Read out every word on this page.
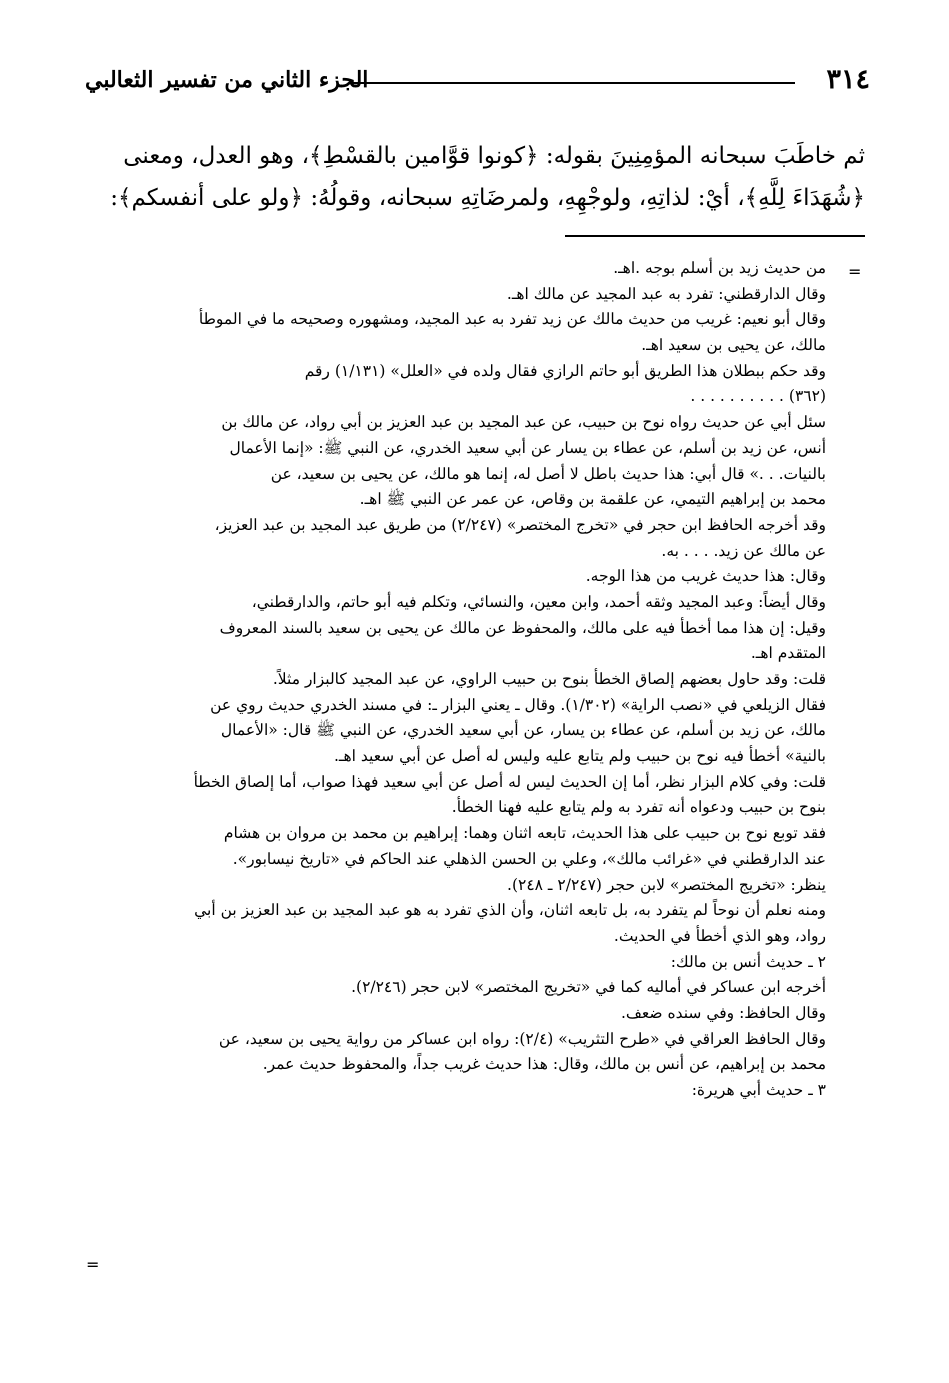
٣١٤
الجزء الثاني من تفسير الثعالبي
ثم خاطَبَ سبحانه المؤمِنِينَ بقوله: ﴿كونوا قوَّامين بالقسْطِ﴾، وهو العدل، ومعنى
﴿شُهَدَاءَ لِلَّهِ﴾، أيْ: لذاتِهِ، ولوجْهِهِ، ولمرضَاتِهِ سبحانه، وقولُهُ: ﴿ولو على أنفسكم﴾:
=
من حديث زيد بن أسلم بوجه .اهـ.
وقال الدارقطني: تفرد به عبد المجيد عن مالك اهـ.
وقال أبو نعيم: غريب من حديث مالك عن زيد تفرد به عبد المجيد، ومشهوره وصحيحه ما في الموطأ
مالك، عن يحيى بن سعيد اهـ.
وقد حكم ببطلان هذا الطريق أبو حاتم الرازي فقال ولده في «العلل» (١/١٣١) رقم
(٣٦٢) . . . . . . . . . .
سئل أبي عن حديث رواه نوح بن حبيب، عن عبد المجيد بن عبد العزيز بن أبي رواد، عن مالك بن
أنس، عن زيد بن أسلم، عن عطاء بن يسار عن أبي سعيد الخدري، عن النبي ﷺ: «إنما الأعمال
بالنيات. . .» قال أبي: هذا حديث باطل لا أصل له، إنما هو مالك، عن يحيى بن سعيد، عن
محمد بن إبراهيم التيمي، عن علقمة بن وقاص، عن عمر عن النبي ﷺ اهـ.
وقد أخرجه الحافظ ابن حجر في «تخرج المختصر» (٢/٢٤٧) من طريق عبد المجيد بن عبد العزيز،
عن مالك عن زيد. . . . به.
وقال: هذا حديث غريب من هذا الوجه.
وقال أيضاً: وعبد المجيد وثقه أحمد، وابن معين، والنسائي، وتكلم فيه أبو حاتم، والدارقطني،
وقيل: إن هذا مما أخطأ فيه على مالك، والمحفوظ عن مالك عن يحيى بن سعيد بالسند المعروف
المتقدم اهـ.
قلت: وقد حاول بعضهم إلصاق الخطأ بنوح بن حبيب الراوي، عن عبد المجيد كالبزار مثلاً.
فقال الزيلعي في «نصب الراية» (١/٣٠٢). وقال ـ يعني البزار ـ: في مسند الخدري حديث روي عن
مالك، عن زيد بن أسلم، عن عطاء بن يسار، عن أبي سعيد الخدري، عن النبي ﷺ قال: «الأعمال
بالنية» أخطأ فيه نوح بن حبيب ولم يتابع عليه وليس له أصل عن أبي سعيد اهـ.
قلت: وفي كلام البزار نظر، أما إن الحديث ليس له أصل عن أبي سعيد فهذا صواب، أما إلصاق الخطأ
بنوح بن حبيب ودعواه أنه تفرد به ولم يتابع عليه فهنا الخطأ.
فقد توبع نوح بن حبيب على هذا الحديث، تابعه اثنان وهما: إبراهيم بن محمد بن مروان بن هشام
عند الدارقطني في «غرائب مالك»، وعلي بن الحسن الذهلي عند الحاكم في «تاريخ نيسابور».
ينظر: «تخريج المختصر» لابن حجر (٢/٢٤٧ ـ ٢٤٨).
ومنه نعلم أن نوحاً لم يتفرد به، بل تابعه اثنان، وأن الذي تفرد به هو عبد المجيد بن عبد العزيز بن أبي
رواد، وهو الذي أخطأ في الحديث.
٢ ـ حديث أنس بن مالك:
أخرجه ابن عساكر في أماليه كما في «تخريج المختصر» لابن حجر (٢/٢٤٦).
وقال الحافظ: وفي سنده ضعف.
وقال الحافظ العراقي في «طرح التثريب» (٢/٤): رواه ابن عساكر من رواية يحيى بن سعيد، عن
محمد بن إبراهيم، عن أنس بن مالك، وقال: هذا حديث غريب جداً، والمحفوظ حديث عمر.
٣ ـ حديث أبي هريرة:
=
